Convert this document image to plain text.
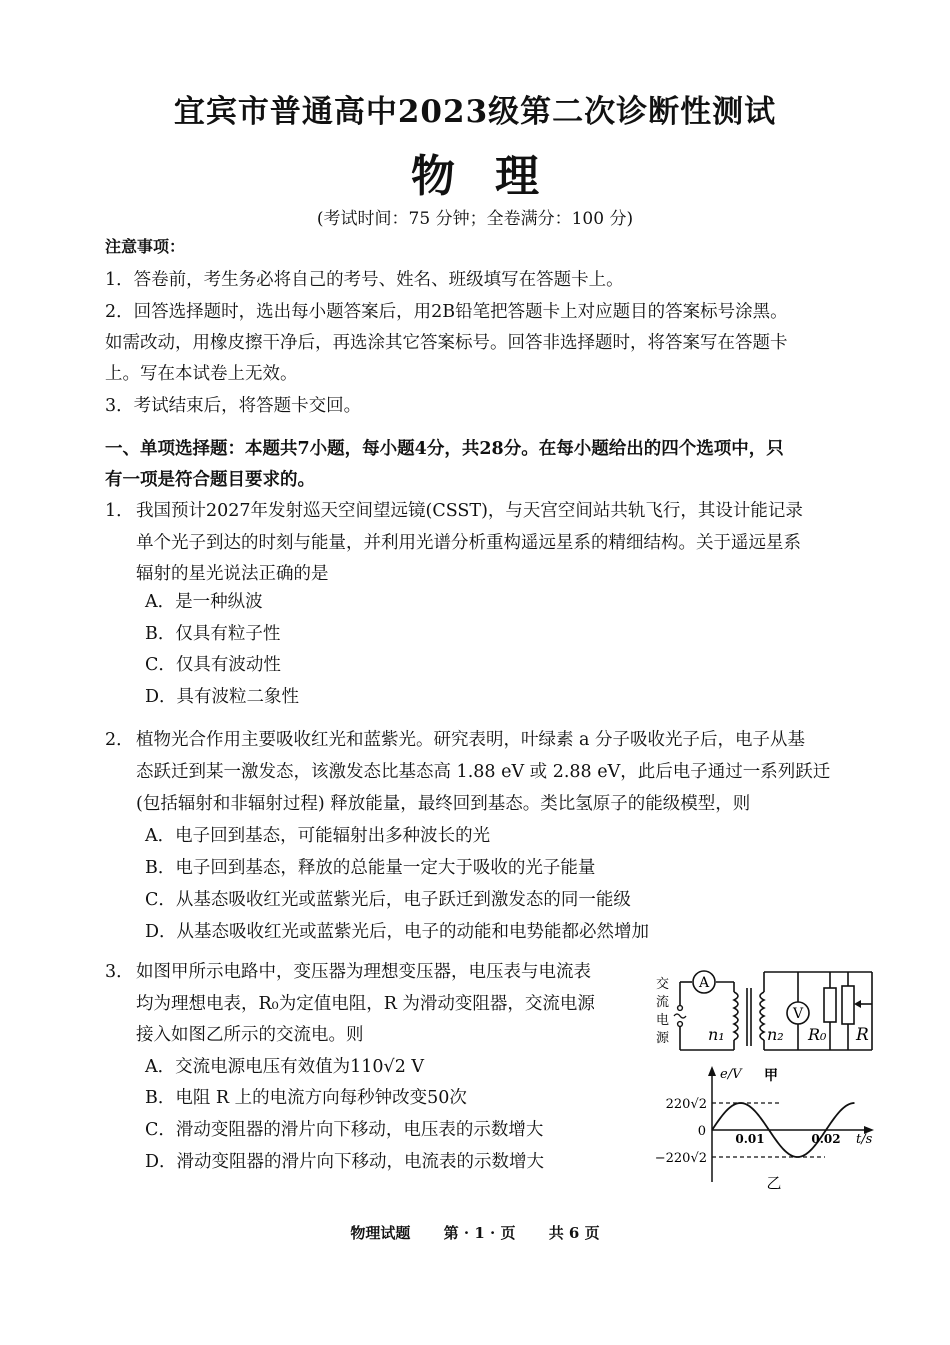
宜宾市普通高中2023级第二次诊断性测试
物理
(考试时间：75 分钟；全卷满分：100 分)
注意事项：
1．答卷前，考生务必将自己的考号、姓名、班级填写在答题卡上。
2．回答选择题时，选出每小题答案后，用2B铅笔把答题卡上对应题目的答案标号涂黑。
如需改动，用橡皮擦干净后，再选涂其它答案标号。回答非选择题时，将答案写在答题卡
上。写在本试卷上无效。
3．考试结束后，将答题卡交回。
一、单项选择题：本题共7小题，每小题4分，共28分。在每小题给出的四个选项中，只
有一项是符合题目要求的。
1． 我国预计2027年发射巡天空间望远镜(CSST)，与天宫空间站共轨飞行，其设计能记录
单个光子到达的时刻与能量，并利用光谱分析重构遥远星系的精细结构。关于遥远星系
辐射的星光说法正确的是
A．是一种纵波
B．仅具有粒子性
C．仅具有波动性
D．具有波粒二象性
2． 植物光合作用主要吸收红光和蓝紫光。研究表明，叶绿素 a 分子吸收光子后，电子从基
态跃迁到某一激发态，该激发态比基态高 1.88 eV 或 2.88 eV，此后电子通过一系列跃迁
(包括辐射和非辐射过程) 释放能量，最终回到基态。类比氢原子的能级模型，则
A．电子回到基态，可能辐射出多种波长的光
B．电子回到基态，释放的总能量一定大于吸收的光子能量
C．从基态吸收红光或蓝紫光后，电子跃迁到激发态的同一能级
D．从基态吸收红光或蓝紫光后，电子的动能和电势能都必然增加
3． 如图甲所示电路中，变压器为理想变压器，电压表与电流表
均为理想电表，R₀为定值电阻，R 为滑动变阻器，交流电源
接入如图乙所示的交流电。则
A．交流电源电压有效值为110√2 V
B．电阻 R 上的电流方向每秒钟改变50次
C．滑动变阻器的滑片向下移动，电压表的示数增大
D．滑动变阻器的滑片向下移动，电流表的示数增大
A
V
交
流
电
源 n₁	n₂ R₀ R
e/V 甲
220√2
0
−220√2
0.01	0.02 t/s
乙
物理试题 第 · 1 · 页 共 6 页
